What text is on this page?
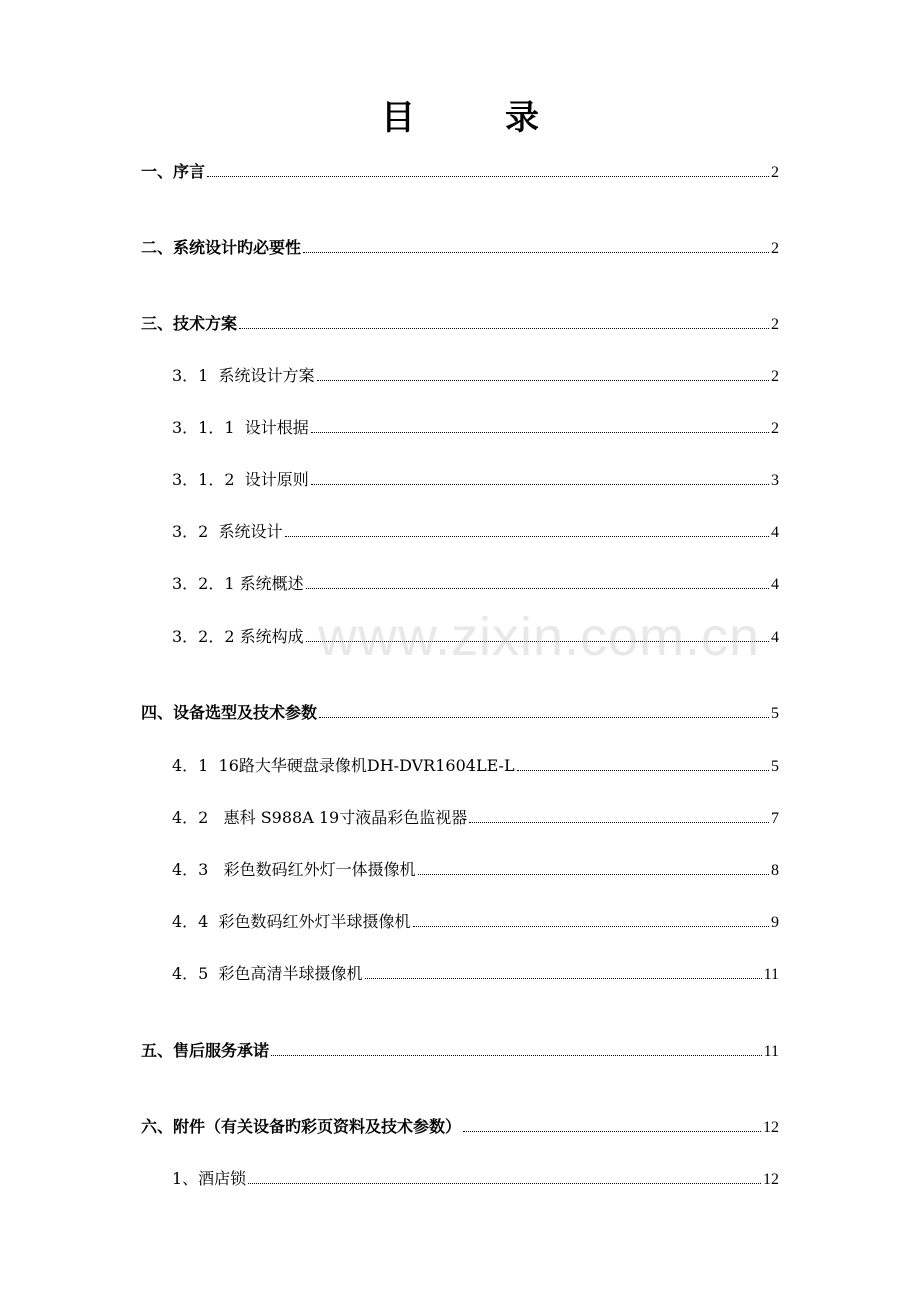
目	录
一、序言	2
二、系统设计旳必要性	2
三、技术方案	2
3．1  系统设计方案	2
3．1．1  设计根据	2
3．1．2  设计原则	3
3．2  系统设计	4
3．2．1 系统概述	4
3．2．2 系统构成	4
四、设备选型及技术参数	5
4．1  16路大华硬盘录像机DH-DVR1604LE-L	5
4．2   惠科 S988A 19寸液晶彩色监视器	7
4．3   彩色数码红外灯一体摄像机	8
4．4  彩色数码红外灯半球摄像机	9
4．5  彩色高清半球摄像机	11
五、售后服务承诺	11
六、附件（有关设备旳彩页资料及技术参数）	12
1、酒店锁	12
www.zixin.com.cn
